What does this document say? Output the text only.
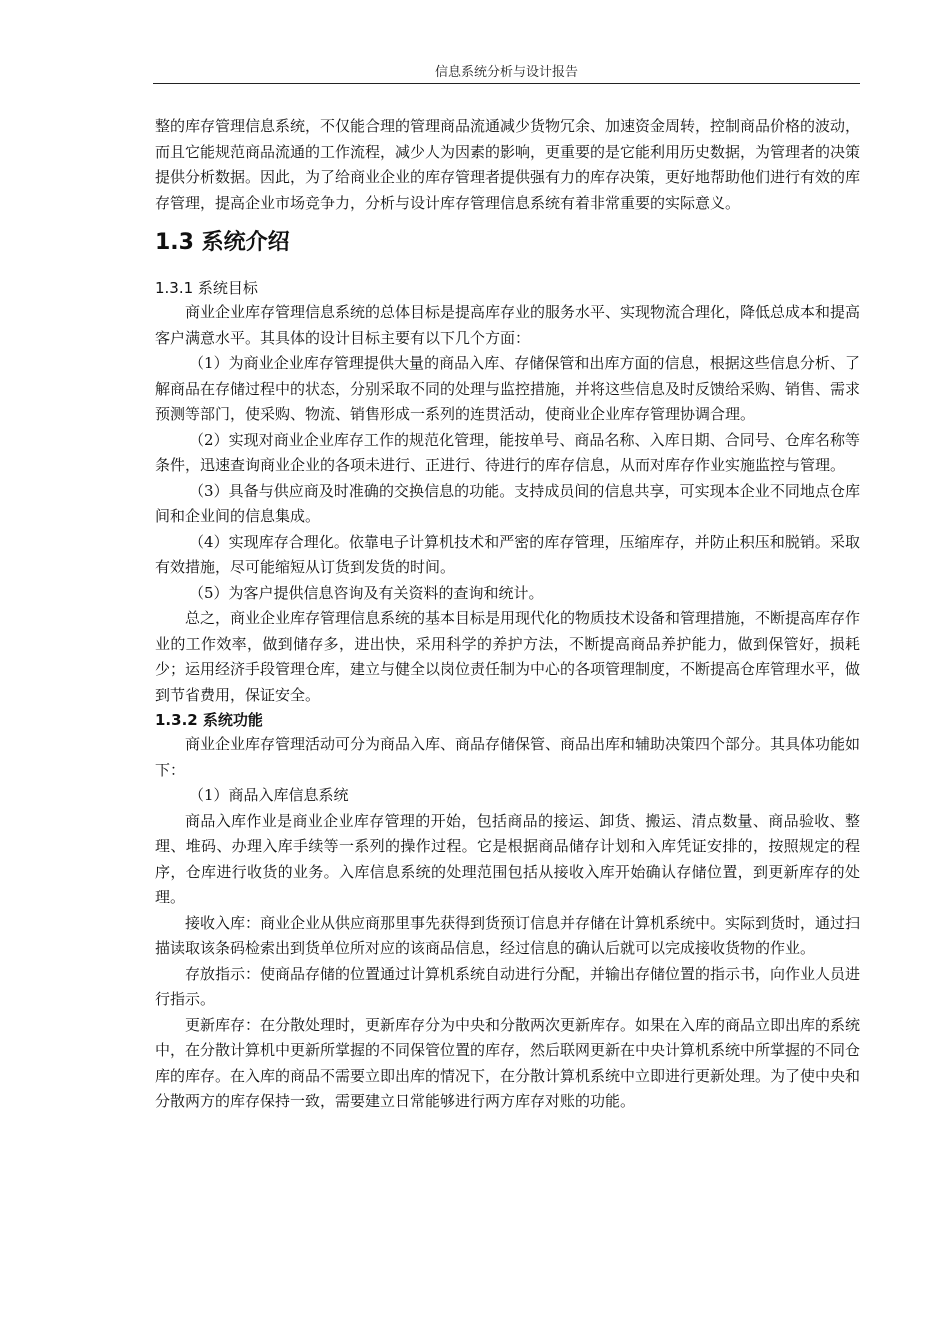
信息系统分析与设计报告

整的库存管理信息系统，不仅能合理的管理商品流通减少货物冗余、加速资金周转，控制商品价格的波动，而且它能规范商品流通的工作流程，减少人为因素的影响，更重要的是它能利用历史数据，为管理者的决策提供分析数据。因此，为了给商业企业的库存管理者提供强有力的库存决策，更好地帮助他们进行有效的库存管理，提高企业市场竞争力，分析与设计库存管理信息系统有着非常重要的实际意义。

1.3 系统介绍
1.3.1 系统目标

商业企业库存管理信息系统的总体目标是提高库存业的服务水平、实现物流合理化，降低总成本和提高客户满意水平。其具体的设计目标主要有以下几个方面：

（1）为商业企业库存管理提供大量的商品入库、存储保管和出库方面的信息，根据这些信息分析、了解商品在存储过程中的状态，分别采取不同的处理与监控措施，并将这些信息及时反馈给采购、销售、需求预测等部门，使采购、物流、销售形成一系列的连贯活动，使商业企业库存管理协调合理。

（2）实现对商业企业库存工作的规范化管理，能按单号、商品名称、入库日期、合同号、仓库名称等条件，迅速查询商业企业的各项未进行、正进行、待进行的库存信息，从而对库存作业实施监控与管理。

（3）具备与供应商及时准确的交换信息的功能。支持成员间的信息共享，可实现本企业不同地点仓库间和企业间的信息集成。

（4）实现库存合理化。依靠电子计算机技术和严密的库存管理，压缩库存，并防止积压和脱销。采取有效措施，尽可能缩短从订货到发货的时间。

（5）为客户提供信息咨询及有关资料的查询和统计。

总之，商业企业库存管理信息系统的基本目标是用现代化的物质技术设备和管理措施，不断提高库存作业的工作效率，做到储存多，进出快，采用科学的养护方法，不断提高商品养护能力，做到保管好，损耗少；运用经济手段管理仓库，建立与健全以岗位责任制为中心的各项管理制度，不断提高仓库管理水平，做到节省费用，保证安全。

1.3.2 系统功能

商业企业库存管理活动可分为商品入库、商品存储保管、商品出库和辅助决策四个部分。其具体功能如下：

（1）商品入库信息系统

商品入库作业是商业企业库存管理的开始，包括商品的接运、卸货、搬运、清点数量、商品验收、整理、堆码、办理入库手续等一系列的操作过程。它是根据商品储存计划和入库凭证安排的，按照规定的程序，仓库进行收货的业务。入库信息系统的处理范围包括从接收入库开始确认存储位置，到更新库存的处理。

接收入库：商业企业从供应商那里事先获得到货预订信息并存储在计算机系统中。实际到货时，通过扫描读取该条码检索出到货单位所对应的该商品信息，经过信息的确认后就可以完成接收货物的作业。

存放指示：使商品存储的位置通过计算机系统自动进行分配，并输出存储位置的指示书，向作业人员进行指示。

更新库存：在分散处理时，更新库存分为中央和分散两次更新库存。如果在入库的商品立即出库的系统中，在分散计算机中更新所掌握的不同保管位置的库存，然后联网更新在中央计算机系统中所掌握的不同仓库的库存。在入库的商品不需要立即出库的情况下，在分散计算机系统中立即进行更新处理。为了使中央和分散两方的库存保持一致，需要建立日常能够进行两方库存对账的功能。
